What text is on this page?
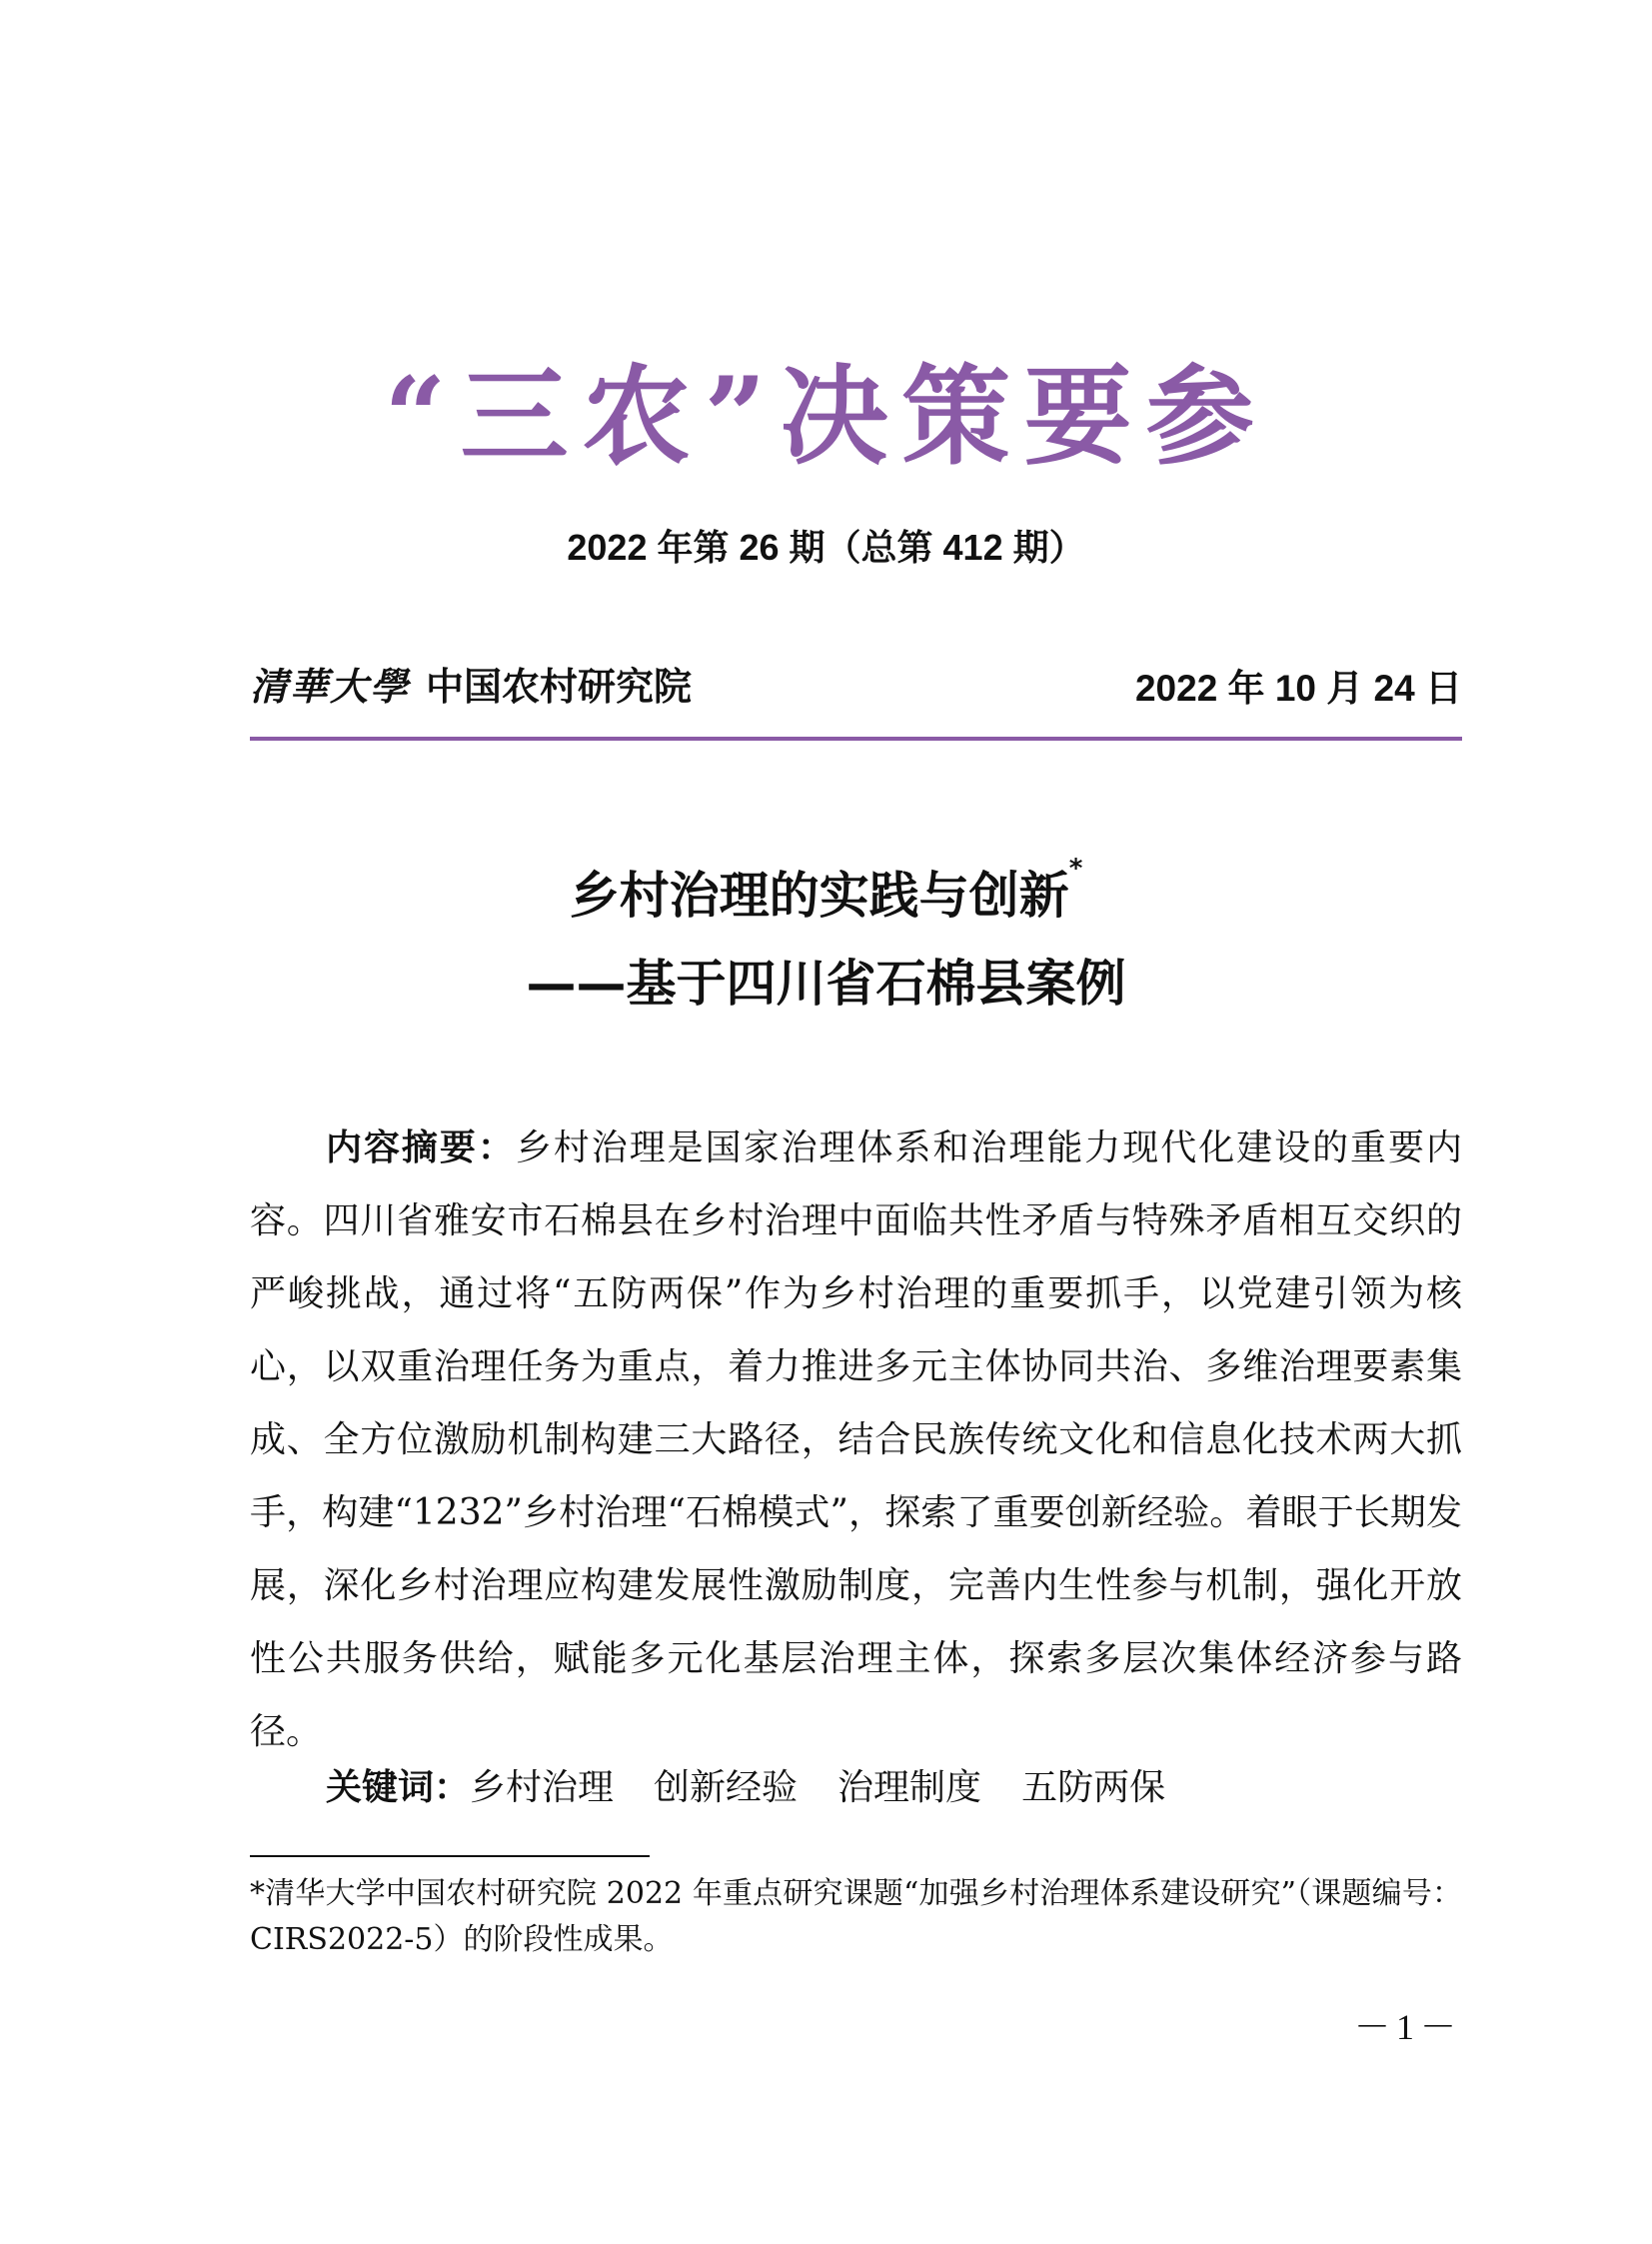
“三农”决策要参
2022 年第 26 期（总第 412 期）
清華大學 中国农村研究院	2022 年 10 月 24 日
乡村治理的实践与创新*
——基于四川省石棉县案例
内容摘要：乡村治理是国家治理体系和治理能力现代化建设的重要内容。四川省雅安市石棉县在乡村治理中面临共性矛盾与特殊矛盾相互交织的严峻挑战，通过将“五防两保”作为乡村治理的重要抓手，以党建引领为核心，以双重治理任务为重点，着力推进多元主体协同共治、多维治理要素集成、全方位激励机制构建三大路径，结合民族传统文化和信息化技术两大抓手，构建“1232”乡村治理“石棉模式”，探索了重要创新经验。着眼于长期发展，深化乡村治理应构建发展性激励制度，完善内生性参与机制，强化开放性公共服务供给，赋能多元化基层治理主体，探索多层次集体经济参与路径。
关键词：乡村治理 创新经验 治理制度 五防两保
*清华大学中国农村研究院 2022 年重点研究课题“加强乡村治理体系建设研究”（课题编号：CIRS2022-5）的阶段性成果。
－1－
